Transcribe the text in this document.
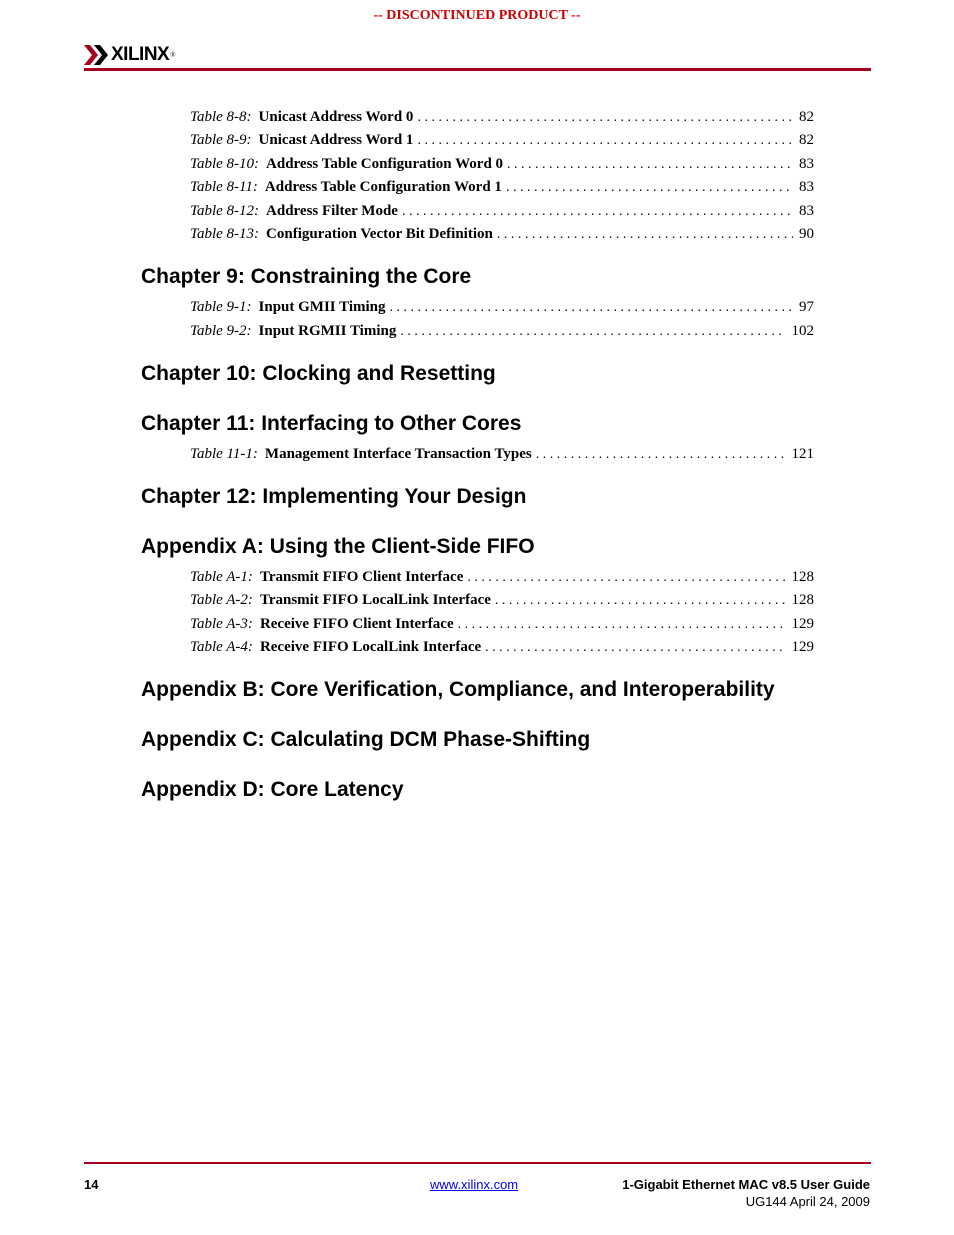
-- DISCONTINUED PRODUCT --
XILINX ®
Table 8-8: Unicast Address Word 0 . . .	82
Table 8-9: Unicast Address Word 1 . . .	82
Table 8-10: Address Table Configuration Word 0 . . .	83
Table 8-11: Address Table Configuration Word 1 . . .	83
Table 8-12: Address Filter Mode . . .	83
Table 8-13: Configuration Vector Bit Definition . . .	90
Chapter 9: Constraining the Core
Table 9-1: Input GMII Timing . . .	97
Table 9-2: Input RGMII Timing . . .	102
Chapter 10: Clocking and Resetting
Chapter 11: Interfacing to Other Cores
Table 11-1: Management Interface Transaction Types . . .	121
Chapter 12: Implementing Your Design
Appendix A: Using the Client-Side FIFO
Table A-1: Transmit FIFO Client Interface . . .	128
Table A-2: Transmit FIFO LocalLink Interface . . .	128
Table A-3: Receive FIFO Client Interface . . .	129
Table A-4: Receive FIFO LocalLink Interface . . .	129
Appendix B: Core Verification, Compliance, and Interoperability
Appendix C: Calculating DCM Phase-Shifting
Appendix D: Core Latency
14	www.xilinx.com	1-Gigabit Ethernet MAC v8.5 User Guide
UG144 April 24, 2009
